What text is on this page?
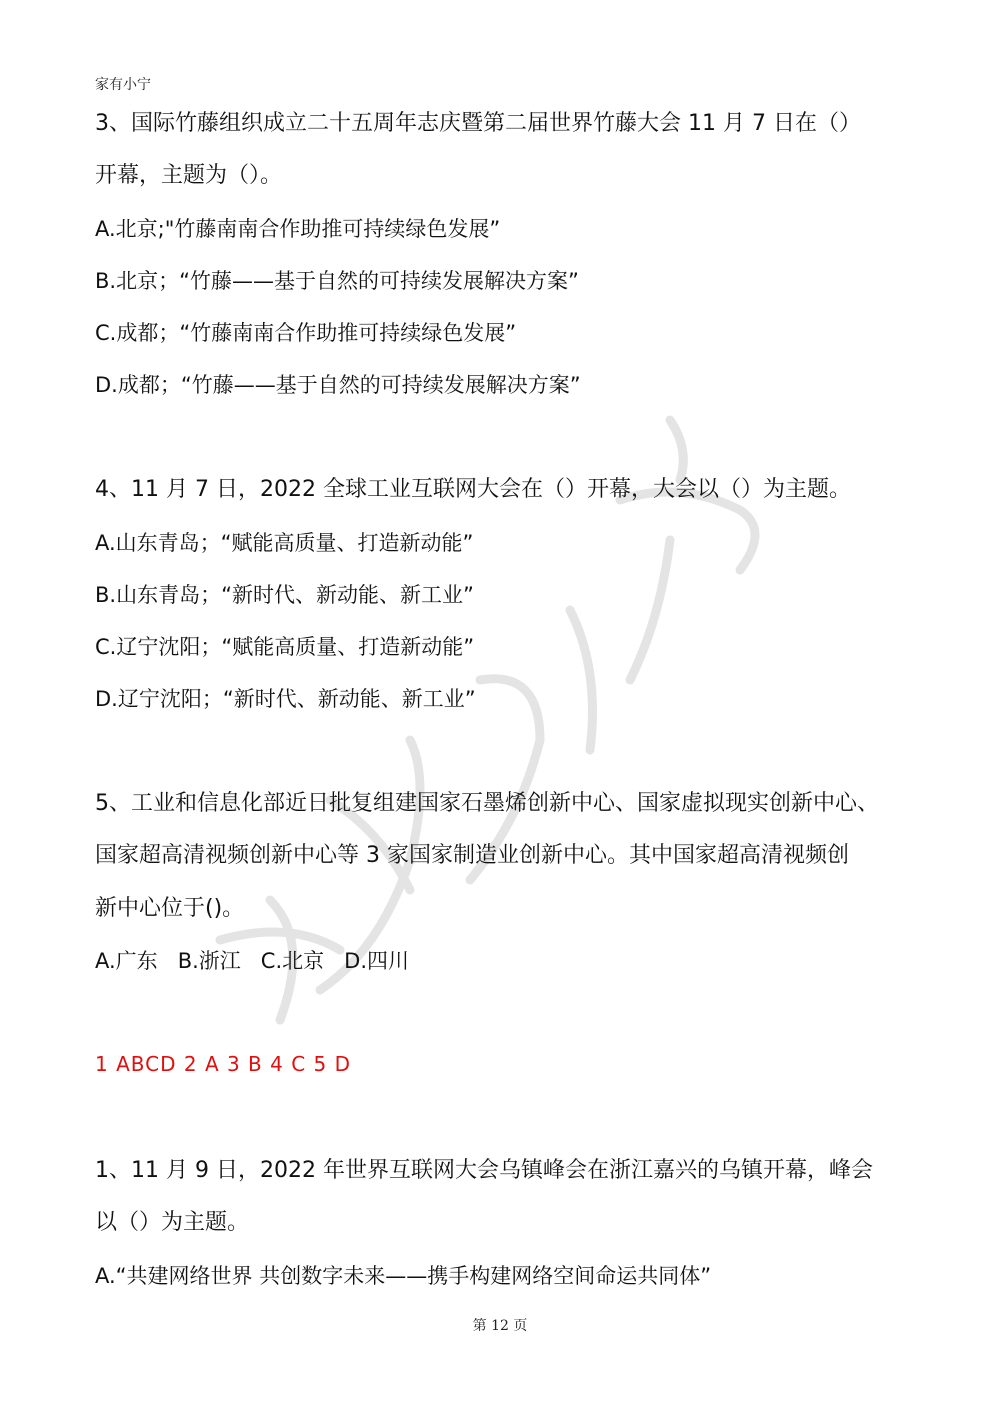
家有小宁
3、国际竹藤组织成立二十五周年志庆暨第二届世界竹藤大会 11 月 7 日在（）
开幕，主题为（）。
A.北京;"竹藤南南合作助推可持续绿色发展”
B.北京；“竹藤——基于自然的可持续发展解决方案”
C.成都；“竹藤南南合作助推可持续绿色发展”
D.成都；“竹藤——基于自然的可持续发展解决方案”
4、11 月 7 日，2022 全球工业互联网大会在（）开幕，大会以（）为主题。
A.山东青岛；“赋能高质量、打造新动能”
B.山东青岛；“新时代、新动能、新工业”
C.辽宁沈阳；“赋能高质量、打造新动能”
D.辽宁沈阳；“新时代、新动能、新工业”
5、工业和信息化部近日批复组建国家石墨烯创新中心、国家虚拟现实创新中心、
国家超高清视频创新中心等 3 家国家制造业创新中心。其中国家超高清视频创
新中心位于()。
A.广东   B.浙江   C.北京   D.四川
1 ABCD 2 A 3 B 4 C 5 D
1、11 月 9 日，2022 年世界互联网大会乌镇峰会在浙江嘉兴的乌镇开幕，峰会
以（）为主题。
A.“共建网络世界 共创数字未来——携手构建网络空间命运共同体”
第 12 页
